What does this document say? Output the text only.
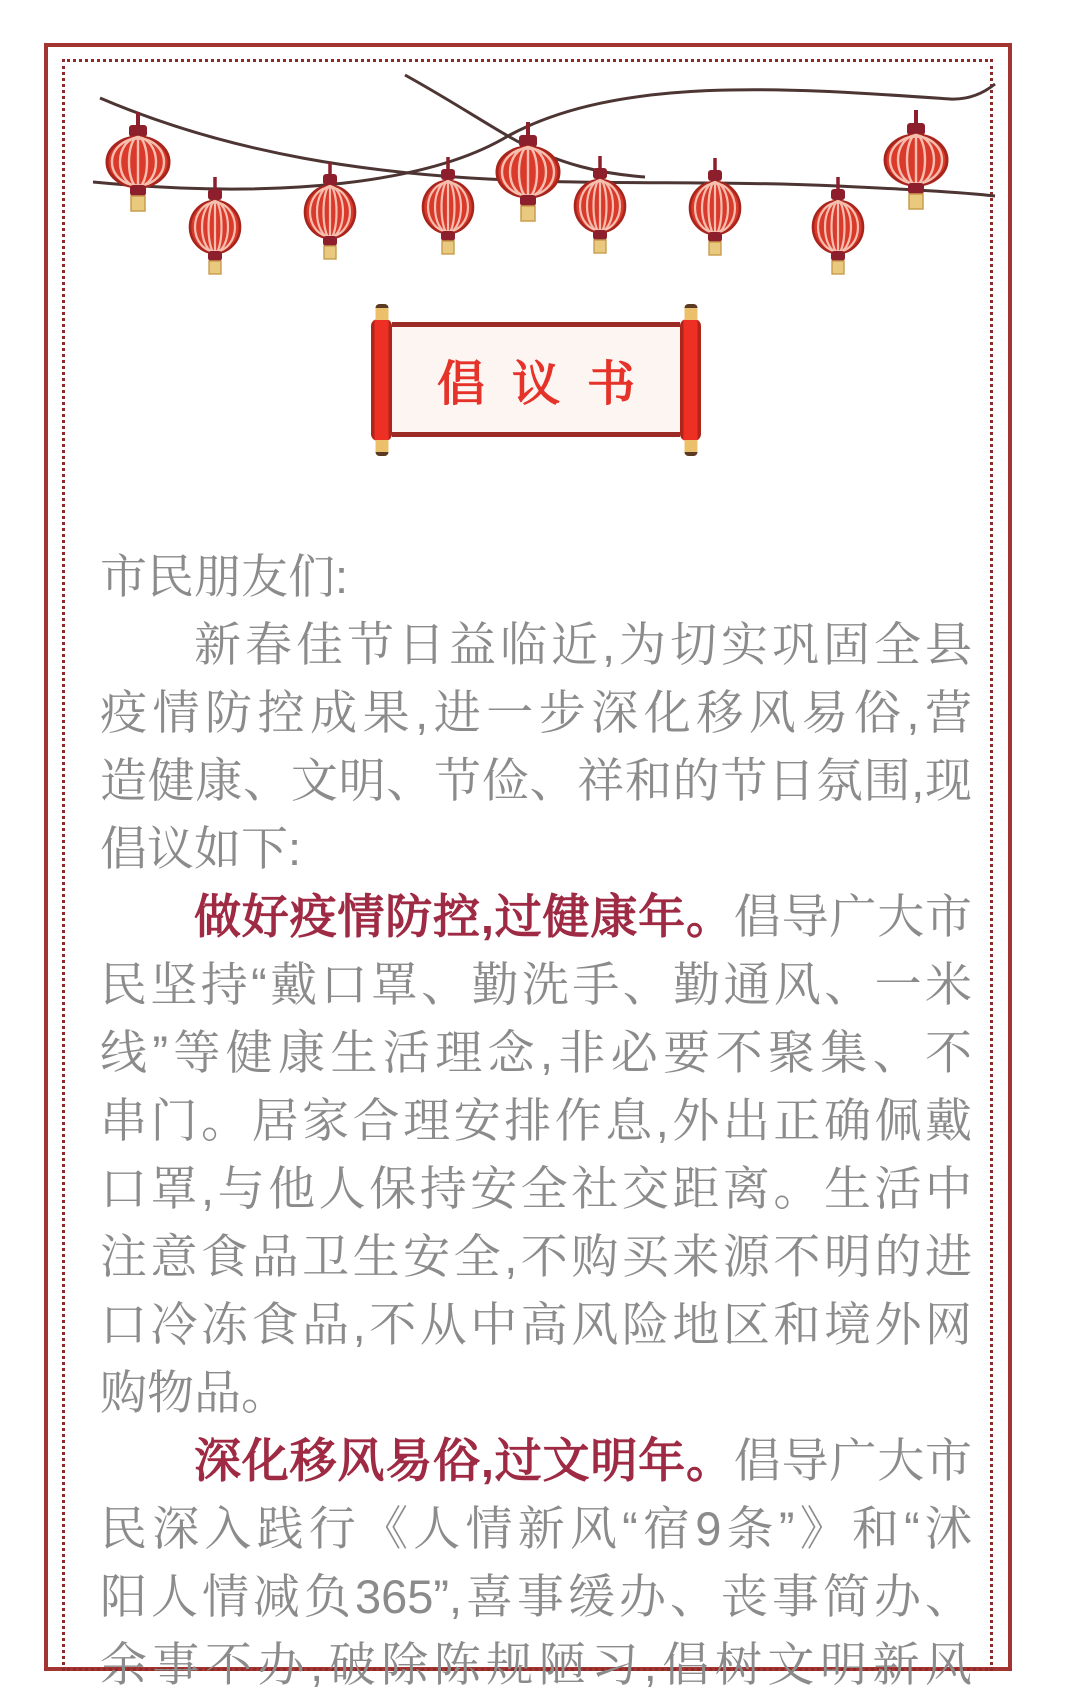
倡议书
市民朋友们:
新春佳节日益临近,为切实巩固全县
疫情防控成果,进一步深化移风易俗,营
造健康、文明、节俭、祥和的节日氛围,现
倡议如下:
做好疫情防控,过健康年。倡导广大市
民坚持“戴口罩、勤洗手、勤通风、一米
线”等健康生活理念,非必要不聚集、不
串门。居家合理安排作息,外出正确佩戴
口罩,与他人保持安全社交距离。生活中
注意食品卫生安全,不购买来源不明的进
口冷冻食品,不从中高风险地区和境外网
购物品。
深化移风易俗,过文明年。倡导广大市
民深入践行《人情新风“宿9条”》和“沭
阳人情减负365”,喜事缓办、丧事简办、
余事不办,破除陈规陋习,倡树文明新风
